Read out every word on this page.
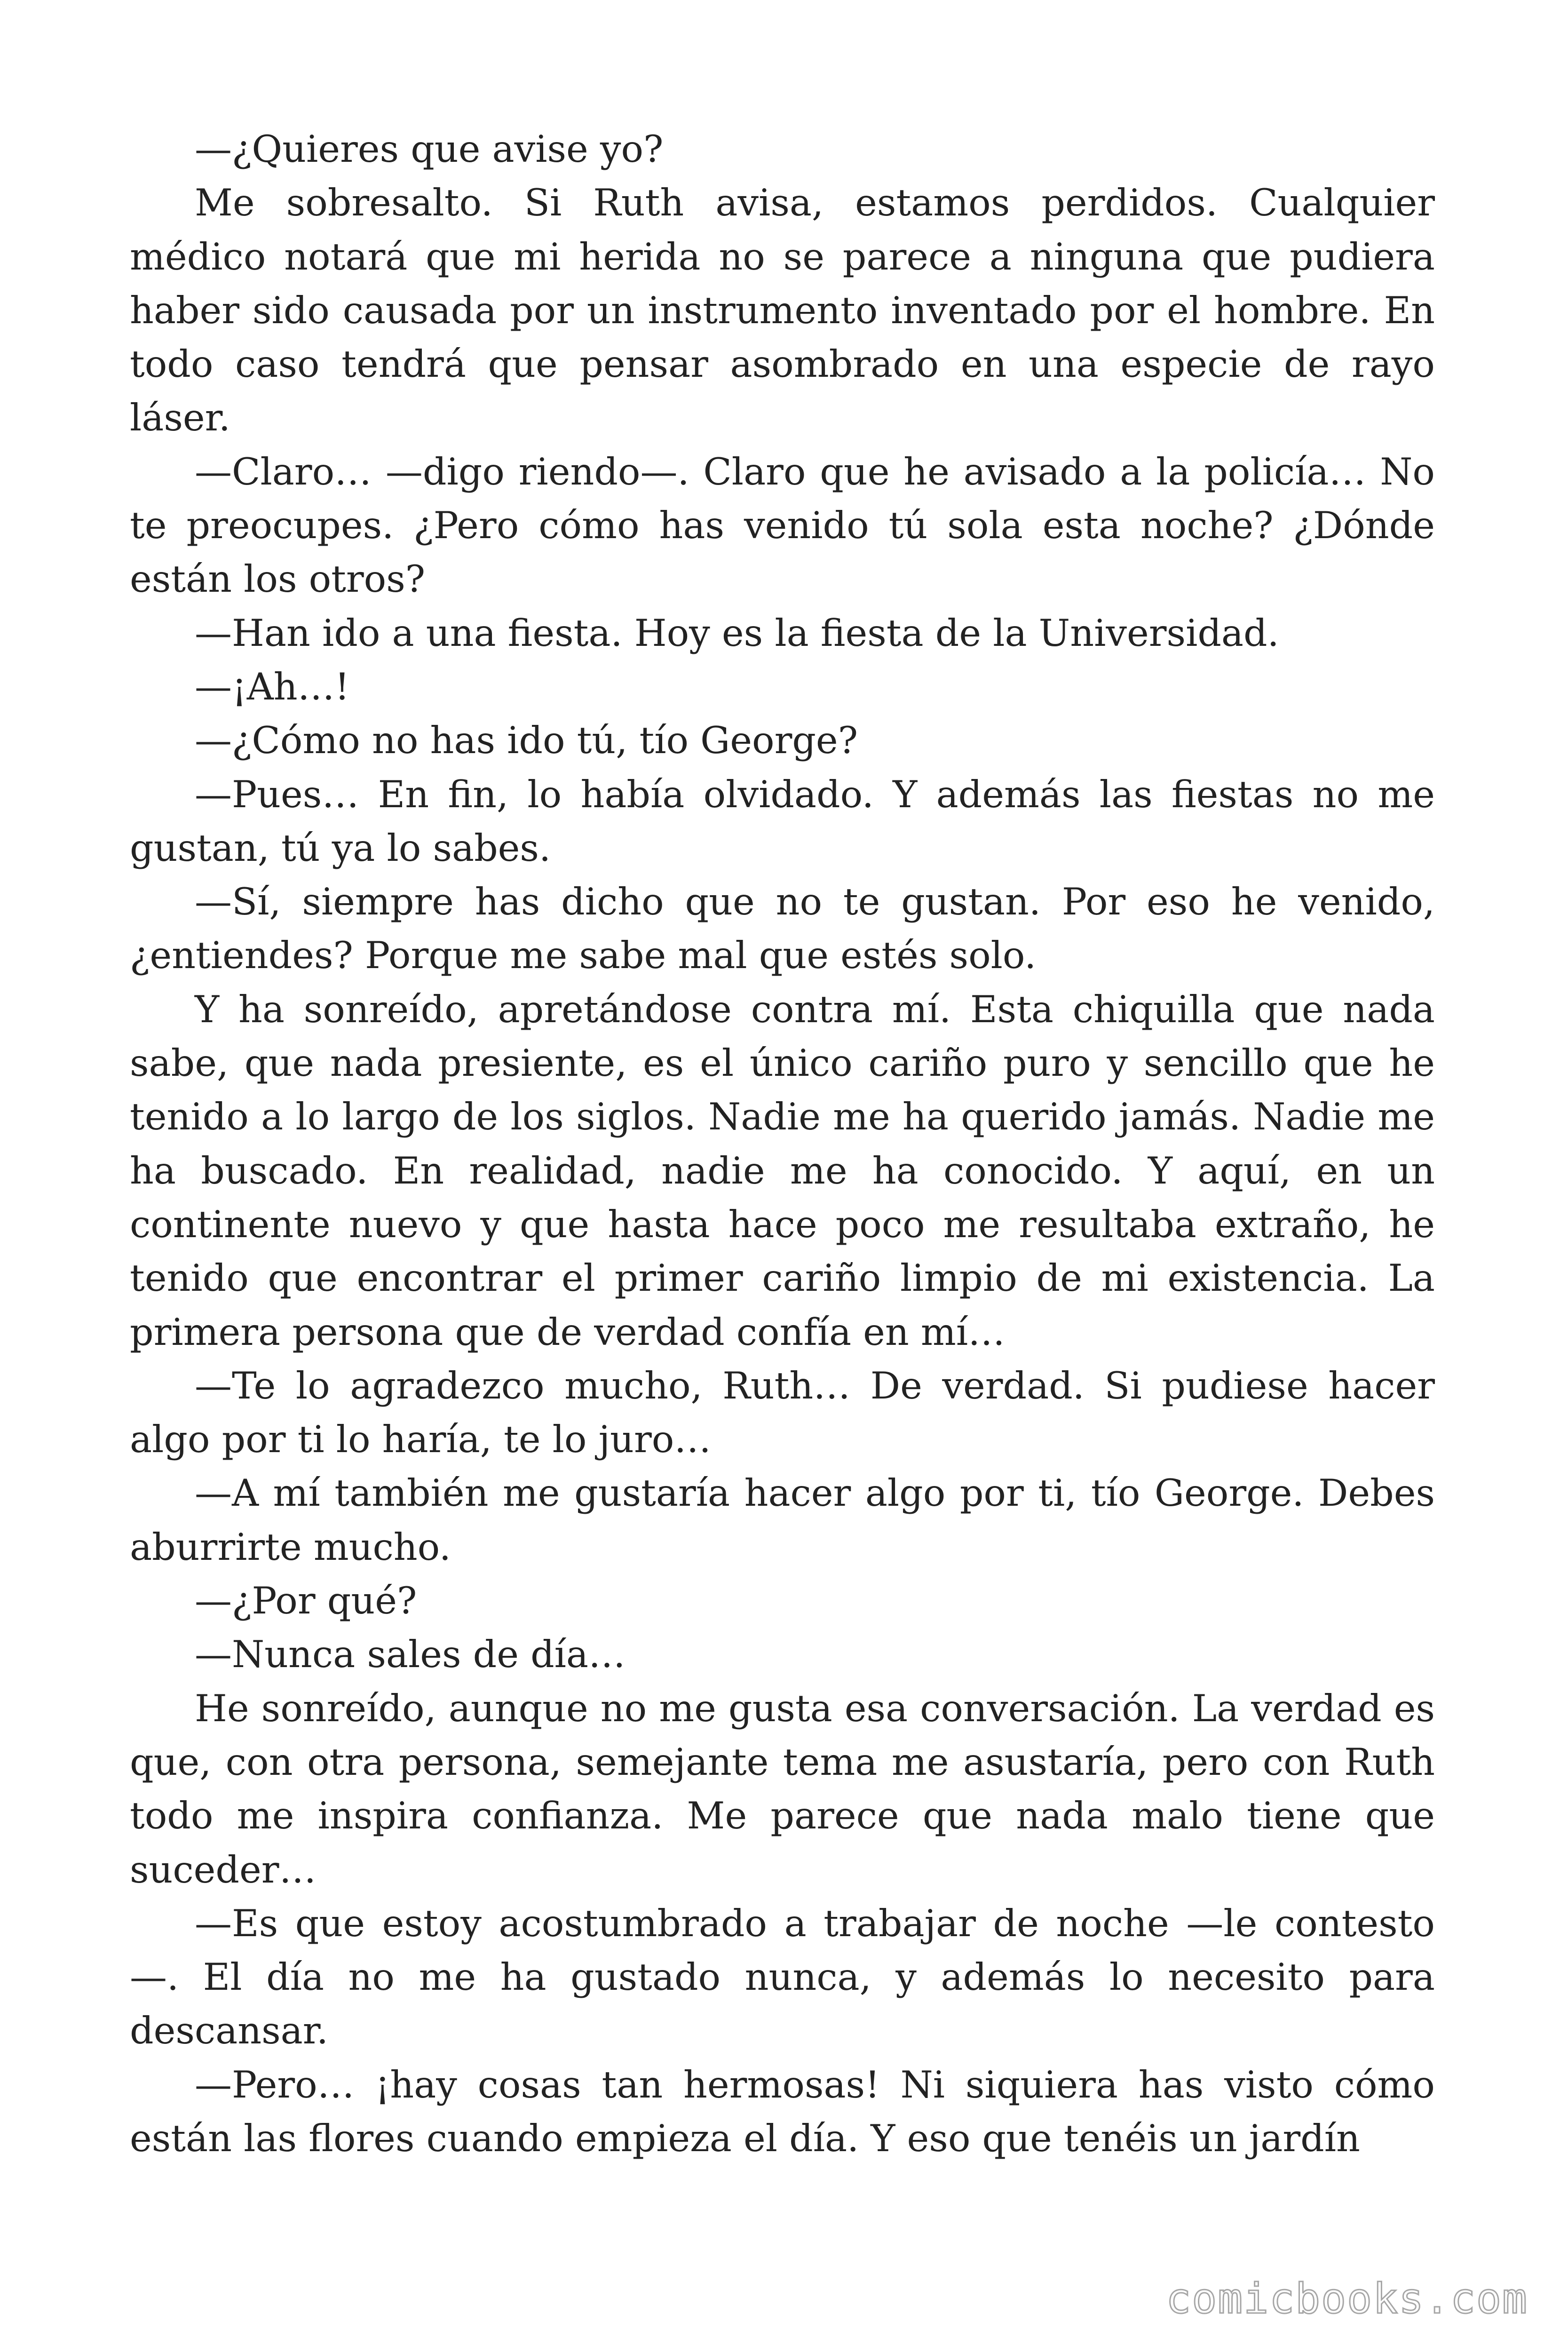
—¿Quieres que avise yo?

Me sobresalto. Si Ruth avisa, estamos perdidos. Cualquier médico notará que mi herida no se parece a ninguna que pudiera haber sido causada por un instrumento inventado por el hombre. En todo caso tendrá que pensar asombrado en una especie de rayo láser.

—Claro… —digo riendo—. Claro que he avisado a la policía… No te preocupes. ¿Pero cómo has venido tú sola esta noche? ¿Dónde están los otros?

—Han ido a una fiesta. Hoy es la fiesta de la Universidad.

—¡Ah…!

—¿Cómo no has ido tú, tío George?

—Pues… En fin, lo había olvidado. Y además las fiestas no me gustan, tú ya lo sabes.

—Sí, siempre has dicho que no te gustan. Por eso he venido, ¿entiendes? Porque me sabe mal que estés solo.

Y ha sonreído, apretándose contra mí. Esta chiquilla que nada sabe, que nada presiente, es el único cariño puro y sencillo que he tenido a lo largo de los siglos. Nadie me ha querido jamás. Nadie me ha buscado. En realidad, nadie me ha conocido. Y aquí, en un continente nuevo y que hasta hace poco me resultaba extraño, he tenido que encontrar el primer cariño limpio de mi existencia. La primera persona que de verdad confía en mí…

—Te lo agradezco mucho, Ruth… De verdad. Si pudiese hacer algo por ti lo haría, te lo juro…

—A mí también me gustaría hacer algo por ti, tío George. Debes aburrirte mucho.

—¿Por qué?

—Nunca sales de día…

He sonreído, aunque no me gusta esa conversación. La verdad es que, con otra persona, semejante tema me asustaría, pero con Ruth todo me inspira confianza. Me parece que nada malo tiene que suceder…

—Es que estoy acostumbrado a trabajar de noche —le contesto —. El día no me ha gustado nunca, y además lo necesito para descansar.

—Pero… ¡hay cosas tan hermosas! Ni siquiera has visto cómo están las flores cuando empieza el día. Y eso que tenéis un jardín

comicbooks.com
